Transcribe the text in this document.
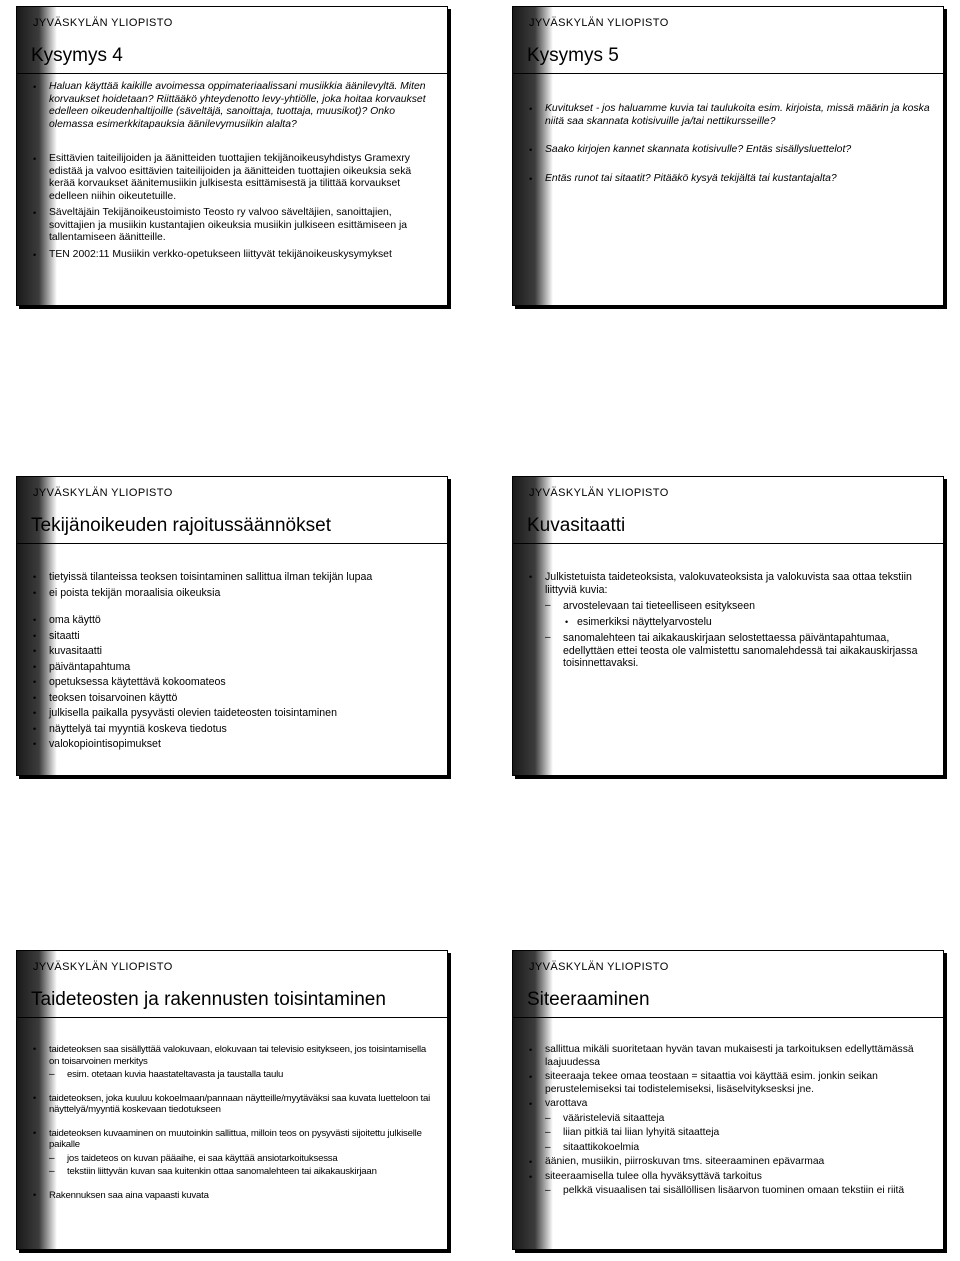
JYVÄSKYLÄN YLIOPISTO
Kysymys 4
• Haluan käyttää kaikille avoimessa oppimateriaalissani musiikkia äänilevyltä. Miten korvaukset hoidetaan? Riittääkö yhteydenotto levy-yhtiölle, joka hoitaa korvaukset edelleen oikeudenhaltijoille (säveltäjä, sanoittaja, tuottaja, muusikot)? Onko olemassa esimerkkitapauksia äänilevymusiikin alalta?
• Esittävien taiteilijoiden ja äänitteiden tuottajien tekijänoikeusyhdistys Gramexry edistää ja valvoo esittävien taiteilijoiden ja äänitteiden tuottajien oikeuksia sekä kerää korvaukset äänitemusiikin julkisesta esittämisestä ja tilittää korvaukset edelleen niihin oikeutetuille.
• Säveltäjäin Tekijänoikeustoimisto Teosto ry valvoo säveltäjien, sanoittajien, sovittajien ja musiikin kustantajien oikeuksia musiikin julkiseen esittämiseen ja tallentamiseen äänitteille.
• TEN 2002:11 Musiikin verkko-opetukseen liittyvät tekijänoikeuskysymykset
JYVÄSKYLÄN YLIOPISTO
Kysymys 5
• Kuvitukset - jos haluamme kuvia tai taulukoita esim. kirjoista, missä määrin ja koska niitä saa skannata kotisivuille ja/tai nettikursseille?
• Saako kirjojen kannet skannata kotisivulle? Entäs sisällysluettelot?
• Entäs runot tai sitaatit? Pitääkö kysyä tekijältä tai kustantajalta?
JYVÄSKYLÄN YLIOPISTO
Tekijänoikeuden rajoitussäännökset
• tietyissä tilanteissa teoksen toisintaminen sallittua ilman tekijän lupaa
• ei poista tekijän moraalisia oikeuksia
• oma käyttö
• sitaatti
• kuvasitaatti
• päiväntapahtuma
• opetuksessa käytettävä kokoomateos
• teoksen toisarvoinen käyttö
• julkisella paikalla pysyvästi olevien taideteosten toisintaminen
• näyttelyä tai myyntiä koskeva tiedotus
• valokopiointisopimukset
JYVÄSKYLÄN YLIOPISTO
Kuvasitaatti
• Julkistetuista taideteoksista, valokuvateoksista ja valokuvista saa ottaa tekstiin liittyviä kuvia:
– arvostelevaan tai tieteelliseen esitykseen
• esimerkiksi näyttelyarvostelu
– sanomalehteen tai aikakauskirjaan selostettaessa päiväntapahtumaa, edellyttäen ettei teosta ole valmistettu sanomalehdessä tai aikakauskirjassa toisinnettavaksi.
JYVÄSKYLÄN YLIOPISTO
Taideteosten ja rakennusten toisintaminen
• taideteoksen saa sisällyttää valokuvaan, elokuvaan tai televisio esitykseen, jos toisintamisella on toisarvoinen merkitys
– esim. otetaan kuvia haastateltavasta ja taustalla taulu
• taideteoksen, joka kuuluu kokoelmaan/pannaan näytteille/myytäväksi saa kuvata luetteloon tai näyttelyä/myyntiä koskevaan tiedotukseen
• taideteoksen kuvaaminen on muutoinkin sallittua, milloin teos on pysyvästi sijoitettu julkiselle paikalle
– jos taideteos on kuvan pääaihe, ei saa käyttää ansiotarkoituksessa
– tekstiin liittyvän kuvan saa kuitenkin ottaa sanomalehteen tai aikakauskirjaan
• Rakennuksen saa aina vapaasti kuvata
JYVÄSKYLÄN YLIOPISTO
Siteeraaminen
• sallittua mikäli suoritetaan hyvän tavan mukaisesti ja tarkoituksen edellyttämässä laajuudessa
• siteeraaja tekee omaa teostaan = sitaattia voi käyttää esim. jonkin seikan perustelemiseksi tai todistelemiseksi, lisäselvityksesksi jne.
• varottava
– vääristeleviä sitaatteja
– liian pitkiä tai liian lyhyitä sitaatteja
– sitaattikokoelmia
• äänien, musiikin, piirroskuvan tms. siteeraaminen epävarmaa
• siteeraamisella tulee olla hyväksyttävä tarkoitus
– pelkkä visuaalisen tai sisällöllisen lisäarvon tuominen omaan tekstiin ei riitä
